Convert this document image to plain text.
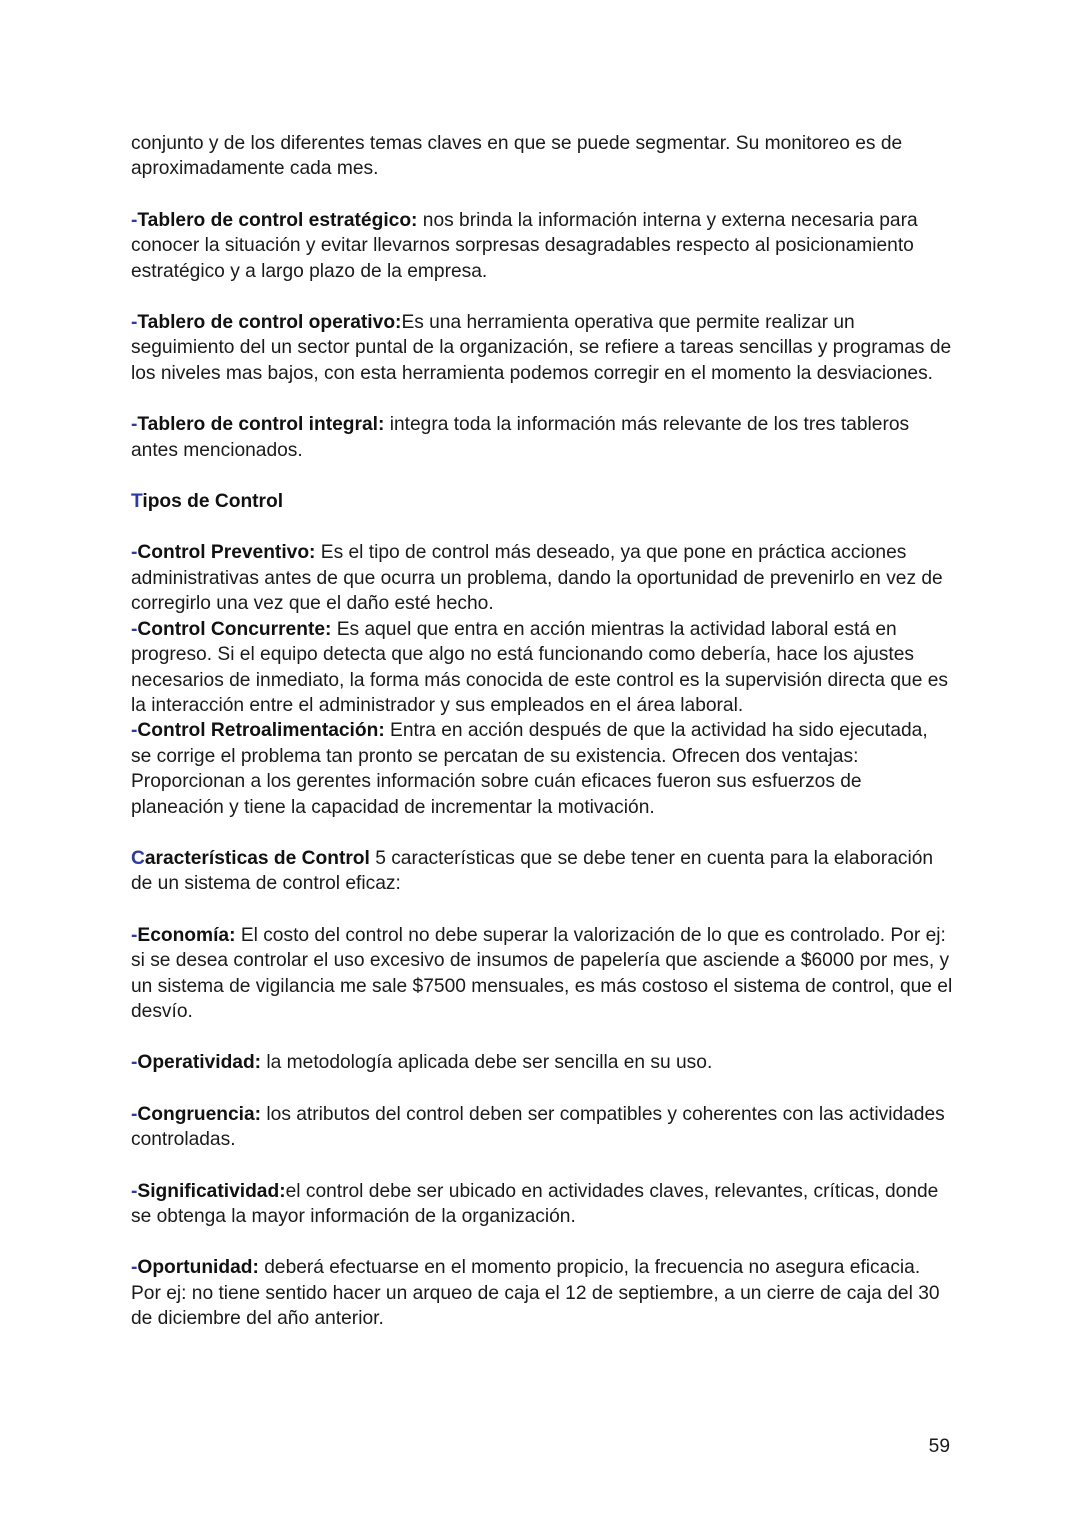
conjunto y de los diferentes temas claves en que se puede segmentar. Su monitoreo es de aproximadamente cada mes.

-Tablero de control estratégico: nos brinda la información interna y externa necesaria para conocer la situación y evitar llevarnos sorpresas desagradables respecto al posicionamiento estratégico y a largo plazo de la empresa.

-Tablero de control operativo:Es una herramienta operativa que permite realizar un seguimiento del un sector puntal de la organización, se refiere a tareas sencillas y programas de los niveles mas bajos, con esta herramienta podemos corregir en el momento la desviaciones.

-Tablero de control integral: integra toda la información más relevante de los tres tableros antes mencionados.

Tipos de Control

-Control Preventivo: Es el tipo de control más deseado, ya que pone en práctica acciones administrativas antes de que ocurra un problema, dando la oportunidad de prevenirlo en vez de corregirlo una vez que el daño esté hecho.

-Control Concurrente: Es aquel que entra en acción mientras la actividad laboral está en progreso. Si el equipo detecta que algo no está funcionando como debería, hace los ajustes necesarios de inmediato, la forma más conocida de este control es la supervisión directa que es la interacción entre el administrador y sus empleados en el área laboral.

-Control Retroalimentación: Entra en acción después de que la actividad ha sido ejecutada, se corrige el problema tan pronto se percatan de su existencia. Ofrecen dos ventajas: Proporcionan a los gerentes información sobre cuán eficaces fueron sus esfuerzos de planeación y tiene la capacidad de incrementar la motivación.

Características de Control 5 características que se debe tener en cuenta para la elaboración de un sistema de control eficaz:

-Economía: El costo del control no debe superar la valorización de lo que es controlado. Por ej: si se desea controlar el uso excesivo de insumos de papelería que asciende a $6000 por mes, y un sistema de vigilancia me sale $7500 mensuales, es más costoso el sistema de control, que el desvío.

-Operatividad: la metodología aplicada debe ser sencilla en su uso.

-Congruencia: los atributos del control deben ser compatibles y coherentes con las actividades controladas.

-Significatividad:el control debe ser ubicado en actividades claves, relevantes, críticas, donde se obtenga la mayor información de la organización.

-Oportunidad: deberá efectuarse en el momento propicio, la frecuencia no asegura eficacia. Por ej: no tiene sentido hacer un arqueo de caja el 12 de septiembre, a un cierre de caja del 30 de diciembre del año anterior.

59
